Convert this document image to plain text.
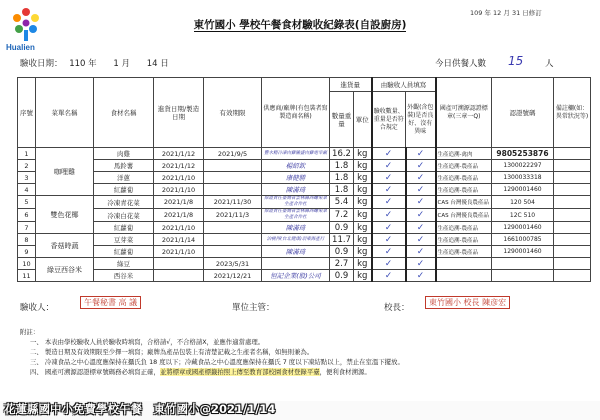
Hualien
109 年 12 月 31 日修訂
東竹國小 學校午餐食材驗收紀錄表(自設廚房)
驗收日期： 110 年 1 月 14 日	今日供餐人數 15	人
序號	菜單名稱	食材名稱	進貨日期/製造日期	有效期限	供應商/廠牌(有包裝者寫製造商名稱)	進貨量		由驗收人員填寫		國產可溯源認證標章(三章一Q)	認證號碼	備註欄(如：異常狀況等)
						數量重量	單位	驗收數量、重量是否符合規定	外觀(含包裝)是否良好、沒有異味			
1	咖哩雞	肉雞	2021/1/12	2021/9/5	豐水精冷凍肉雞騰盛肉雞電宰廠	16.2	kg	✓	✓	生產追溯-禽肉	9805253876	
2		馬鈴薯	2021/1/12		楊紹欽	1.8	kg	✓	✓	生產追溯-農產品	1300022297	
3		洋蔥	2021/1/10		康健勝	1.8	kg	✓	✓	生產追溯-農產品	1300033318	
4		紅蘿蔔	2021/1/10		陳滿琦	1.8	kg	✓	✓	生產追溯-農產品	1290001460	
5	雙色花椰	冷凍青花菜	2021/1/8	2021/11/30	保證責任臺灣省雲林縣西螺果菜生產合作社	5.4	kg	✓	✓	CAS 台灣優良農產品	120 504	
6		冷凍白花菜	2021/1/8	2021/11/3	保證責任臺灣省雲林縣西螺果菜生產合作社	7.2	kg	✓	✓	CAS 台灣優良農產品	12C 510	
7		紅蘿蔔	2021/1/10		陳滿琦	0.9	kg	✓	✓	生產追溯-農產品	1290001460	
8	香菇時蔬	豆芽菜	2021/1/14		泊桃得(台北健康)羽東海產行	11.7	kg	✓	✓	生產追溯-農產品	1661000785	
9		紅蘿蔔	2021/1/10		陳滿琦	0.9	kg	✓	✓	生產追溯-農產品	1290001460	
10	綠豆西谷米	綠豆		2023/5/31		2.7	kg	✓	✓			
11		西谷米		2021/12/21	恒記企業(股)公司	0.9	kg	✓	✓			
驗收人：
午餐秘書 高 議
單位主管：	校長：
東竹國小 校長 陳彦宏
附註：
一、 本表由學校驗收人員於驗收時填寫，合格請√，不合格請X，並應作適當處理。
二、 製造日期及有效期限至少擇一填寫；廠牌為產品包裝上有清楚記載之生產者名稱，如無則兼為。
三、 冷凍食品之中心溫度應保持在攝氏負 18 度以下；冷藏食品之中心溫度應保持在攝氏 7 度以下凍結點以上，禁止在室溫下擺放。
四、 國產可溯源認證標章號碼務必填寫正確，並將標章或國產標籤拍照上傳至教育部校園食材登錄平臺，便利食材溯源。
花蓮縣國中小免費學校午餐　東竹國小@2021/1/14
